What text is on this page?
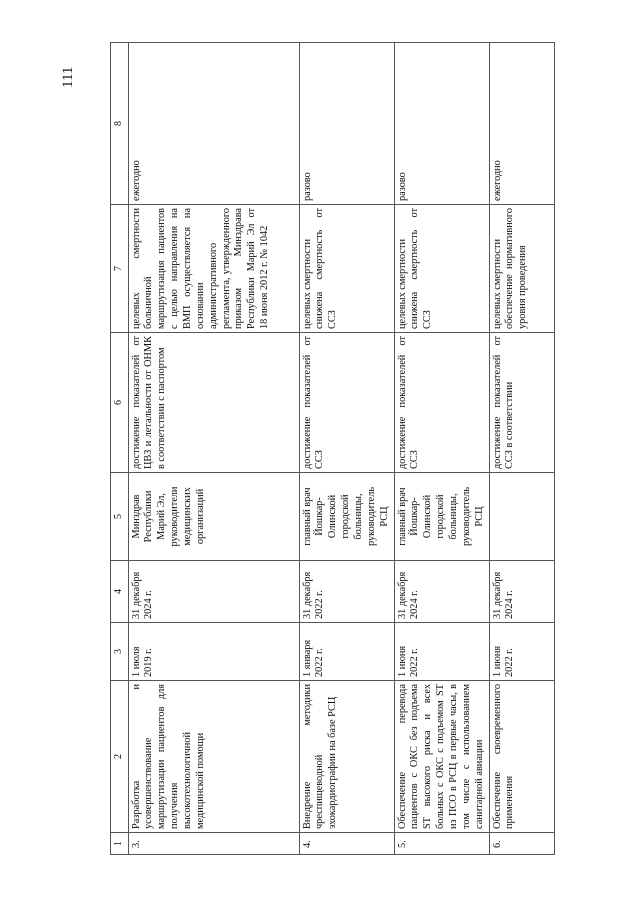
111
1	2	3	4	5	6	7	8
3.	Разработка и усовершенствование маршрутизации пациентов для получения высокотехнологичной медицинской помощи	1 июля 2019 г.	31 декабря 2024 г.	Минздрав Республики Марий Эл, руководители медицинских организаций	достижение показателей от ЦВЗ и летальности от ОНМК в соответствии с паспортом	целевых смертности больничной маршрутизация пациентов с целью направления на ВМП осуществляется на основании административного регламента, утвержденного приказом Минздрава Республики Марий Эл от 18 июня 2012 г. № 1042	ежегодно
4.	Внедрение методики чреспищеводной эхокардиографии на базе РСЦ	1 января 2022 г.	31 декабря 2022 г.	главный врач Йошкар-Олинской городской больницы, руководитель РСЦ	достижение показателей от ССЗ	целевых смертности снижена смертность от ССЗ	разово
5.	Обеспечение перевода пациентов с ОКС без подъема ST высокого риска и всех больных с ОКС с подъемом ST из ПСО в РСЦ в первые часы, в том числе с использованием санитарной авиации	1 июня 2022 г.	31 декабря 2024 г.	главный врач Йошкар-Олинской городской больницы, руководитель РСЦ	достижение показателей от ССЗ	целевых смертности снижена смертность от ССЗ	разово
6.	Обеспечение своевременного применения	1 июня 2022 г.	31 декабря 2024 г.		достижение показателей от ССЗ в соответствии	целевых смертности обеспечение нормативного уровня проведения	ежегодно
